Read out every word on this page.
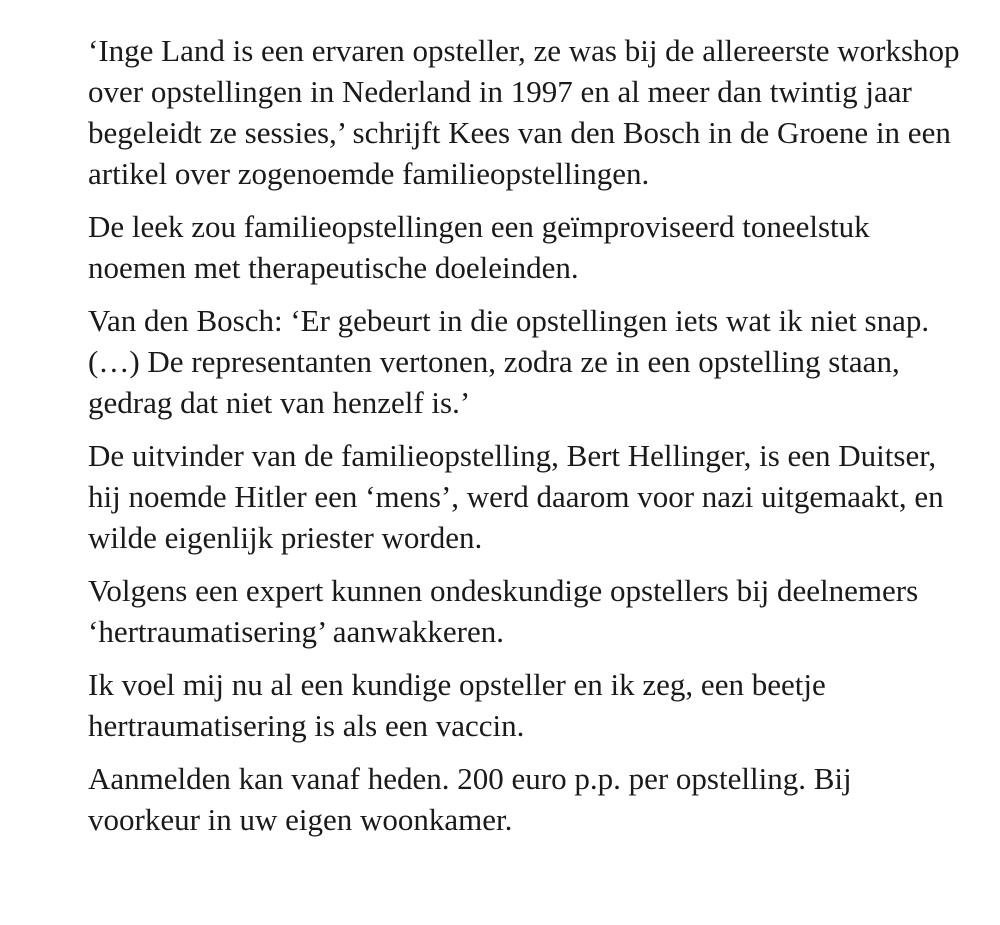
‘Inge Land is een ervaren opsteller, ze was bij de allereerste workshop over opstellingen in Nederland in 1997 en al meer dan twintig jaar begeleidt ze sessies,’ schrijft Kees van den Bosch in de Groene in een artikel over zogenoemde familieopstellingen.

De leek zou familieopstellingen een geïmproviseerd toneelstuk noemen met therapeutische doeleinden.

Van den Bosch: ‘Er gebeurt in die opstellingen iets wat ik niet snap. (…) De representanten vertonen, zodra ze in een opstelling staan, gedrag dat niet van henzelf is.’

De uitvinder van de familieopstelling, Bert Hellinger, is een Duitser, hij noemde Hitler een ‘mens’, werd daarom voor nazi uitgemaakt, en wilde eigenlijk priester worden.

Volgens een expert kunnen ondeskundige opstellers bij deelnemers ‘hertraumatisering’ aanwakkeren.

Ik voel mij nu al een kundige opsteller en ik zeg, een beetje hertraumatisering is als een vaccin.

Aanmelden kan vanaf heden. 200 euro p.p. per opstelling. Bij voorkeur in uw eigen woonkamer.
